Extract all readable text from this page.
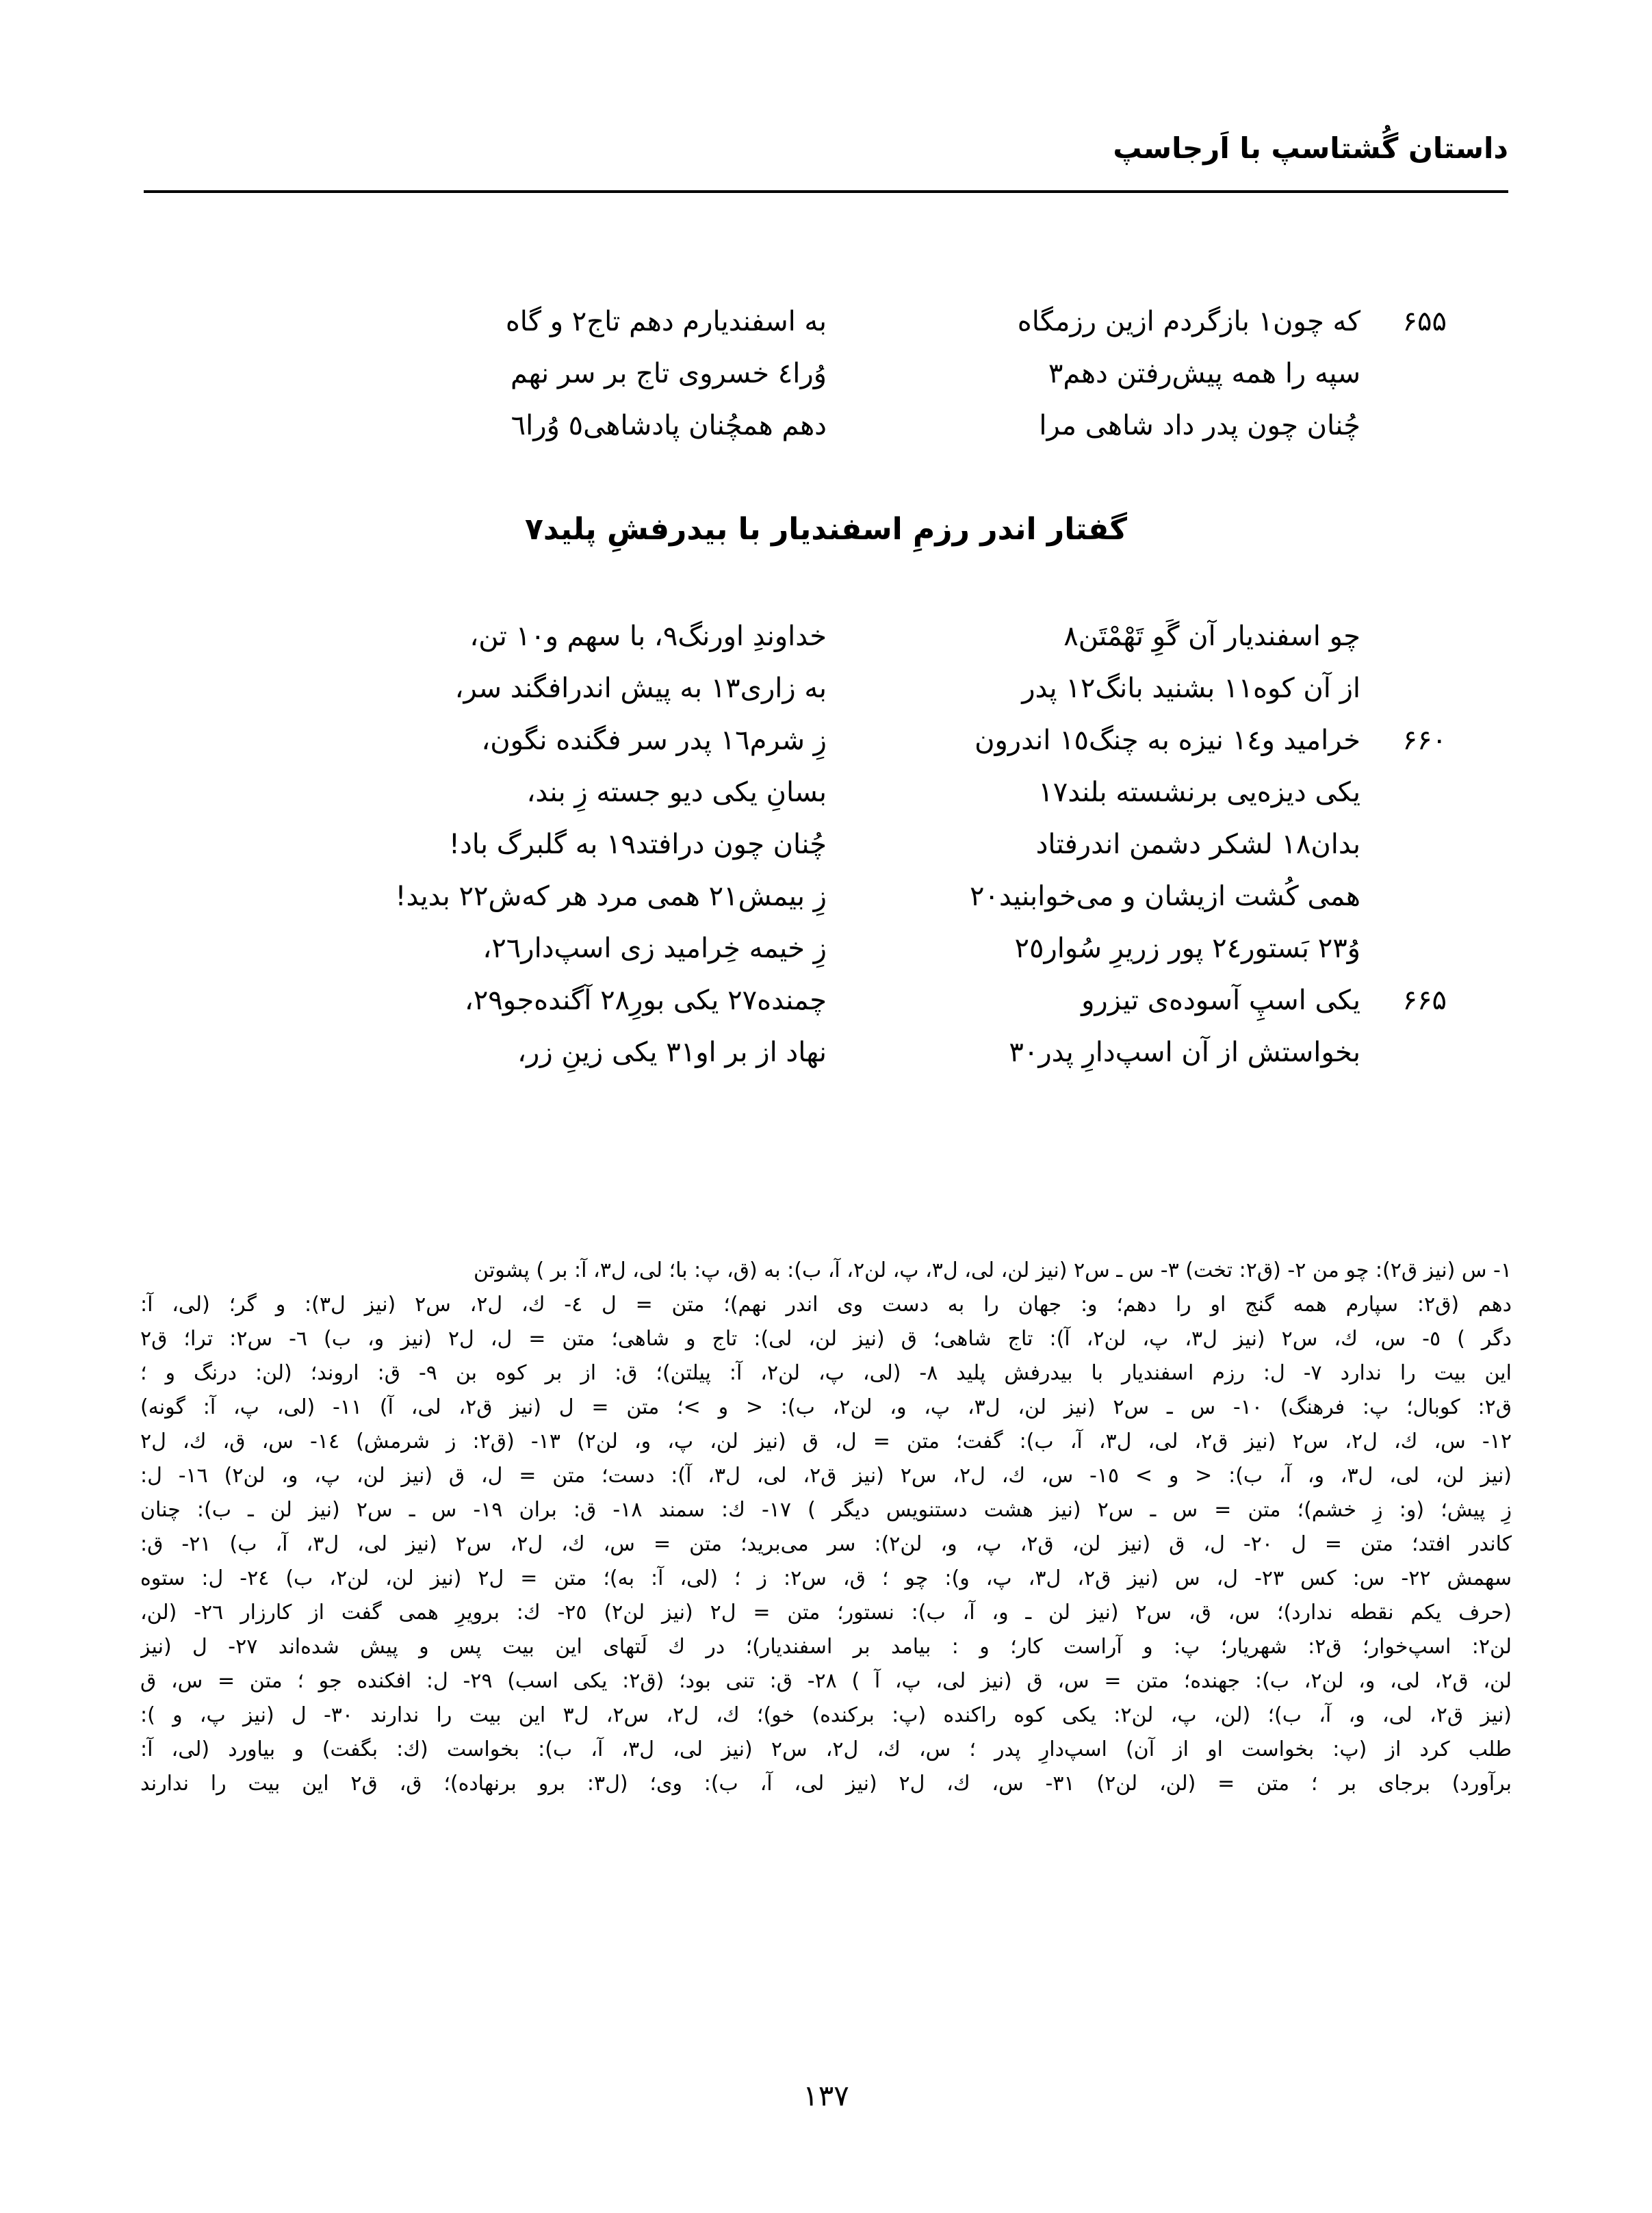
داستان گُشتاسپ با اَرجاسپ
۶۵۵
كه چون١ بازگردم ازين رزمگاه
به اسفنديارم دهم تاج٢ و گاه
سپه را همه پيش‌رفتن دهم٣
وُرا٤ خسروى تاج بر سر نهم
چُنان چون پدر داد شاهى مرا
دهم همچُنان پادشاهى٥ وُرا٦
گفتار اندر رزمِ اسفنديار با بيدرفشِ پليد٧
چو اسفنديار آن گَوِ تَهْمْتَن٨
خداوندِ اورنگ٩، با سهم و١٠ تن،
از آن كوه١١ بشنيد بانگ١٢ پدر
به زارى١٣ به پيش اندرافگند سر،
۶۶۰
خراميد و١٤ نيزه به چنگ١٥ اندرون
زِ شرم١٦ پدر سر فگنده نگون،
يكى ديزه‌يى برنشسته بلند١٧
بسانِ يكى ديو جسته زِ بند،
بدان١٨ لشكر دشمن اندرفتاد
چُنان چون درافتد١٩ به گلبرگ باد!
همى كُشت ازيشان و مى‌خوابنيد٢٠
زِ بيمش٢١ همى مرد هر كه‌ش٢٢ بديد!
وُ٢٣ بَستور٢٤ پور زريرِ سُوار٢٥
زِ خيمه خِراميد زى اسپ‌دار٢٦،
۶۶۵
يكى اسپِ آسوده‌ى تيزرو
چمنده٢٧ يكى بورِ٢٨ آگنده‌جو٢٩،
بخواستش از آن اسپ‌دارِ پدر٣٠
نهاد از بر او٣١ يكى زينِ زر،
١- س (نيز ق٢): چو من ٢- (ق٢: تخت) ٣- س ـ س٢ (نيز لن، لى، ل٣، پ، لن٢، آ، ب): به (ق، پ: با؛ لى، ل٣، آ: بر ) پشوتن
دهم (ق٢: سپارم همه گنج او را دهم؛ و: جهان را به دست وى اندر نهم)؛ متن = ل ٤- ك، ل٢، س٢ (نيز ل٣): و گر؛ (لى، آ:
دگر ) ٥- س، ك، س٢ (نيز ل٣، پ، لن٢، آ): تاج شاهى؛ ق (نيز لن، لى): تاج و شاهى؛ متن = ل، ل٢ (نيز و، ب) ٦- س٢: ترا؛ ق٢
اين بيت را ندارد ٧- ل: رزم اسفنديار با بيدرفش پليد ٨- (لى، پ، لن٢، آ: پيلتن)؛ ق: از بر كوه بن ٩- ق: اروند؛ (لن: درنگ و ؛
ق٢: كوبال؛ پ: فرهنگ) ١٠- س ـ س٢ (نيز لن، ل٣، پ، و، لن٢، ب): < و >؛ متن = ل (نيز ق٢، لى، آ) ١١- (لى، پ، آ: گونه)
١٢- س، ك، ل٢، س٢ (نيز ق٢، لى، ل٣، آ، ب): گفت؛ متن = ل، ق (نيز لن، پ، و، لن٢) ١٣- (ق٢: ز شرمش) ١٤- س، ق، ك، ل٢
(نيز لن، لى، ل٣، و، آ، ب): < و > ١٥- س، ك، ل٢، س٢ (نيز ق٢، لى، ل٣، آ): دست؛ متن = ل، ق (نيز لن، پ، و، لن٢) ١٦- ل:
زِ پيش؛ (و: زِ خشم)؛ متن = س ـ س٢ (نيز هشت دستنويس ديگر ) ١٧- ك: سمند ١٨- ق: بران ١٩- س ـ س٢ (نيز لن ـ ب): چنان
كاندر افتد؛ متن = ل ٢٠- ل، ق (نيز لن، ق٢، پ، و، لن٢): سر مى‌بريد؛ متن = س، ك، ل٢، س٢ (نيز لى، ل٣، آ، ب) ٢١- ق:
سهمش ٢٢- س: كس ٢٣- ل، س (نيز ق٢، ل٣، پ، و): چو ؛ ق، س٢: ز ؛ (لى، آ: به)؛ متن = ل٢ (نيز لن، لن٢، ب) ٢٤- ل: ستوه
(حرف يكم نقطه ندارد)؛ س، ق، س٢ (نيز لن ـ و، آ، ب): نستور؛ متن = ل٢ (نيز لن٢) ٢٥- ك: برويرِ همى گفت از كارزار ٢٦- (لن،
لن٢: اسپ‌خوار؛ ق٢: شهريار؛ پ: و آراست كار؛ و : بيامد بر اسفنديار)؛ در ك لَتهاى اين بيت پس و پيش شده‌اند ٢٧- ل (نيز
لن، ق٢، لى، و، لن٢، ب): جهنده؛ متن = س، ق (نيز لى، پ، آ ) ٢٨- ق: تنى بود؛ (ق٢: يكى اسب) ٢٩- ل: افكنده جو ؛ متن = س، ق
(نيز ق٢، لى، و، آ، ب)؛ (لن، پ، لن٢: يكى كوه راكنده (پ: بركنده) خو)؛ ك، ل٢، س٢، ل٣ اين بيت را ندارند ٣٠- ل (نيز پ، و ):
طلب كرد از (پ: بخواست او از آن) اسپ‌دارِ پدر ؛ س، ك، ل٢، س٢ (نيز لى، ل٣، آ، ب): بخواست (ك: بگفت) و بياورد (لى، آ:
برآورد) برجاى بر ؛ متن = (لن، لن٢) ٣١- س، ك، ل٢ (نيز لى، آ، ب): وى؛ (ل٣: برو برنهاده)؛ ق، ق٢ اين بيت را ندارند
١٣٧
